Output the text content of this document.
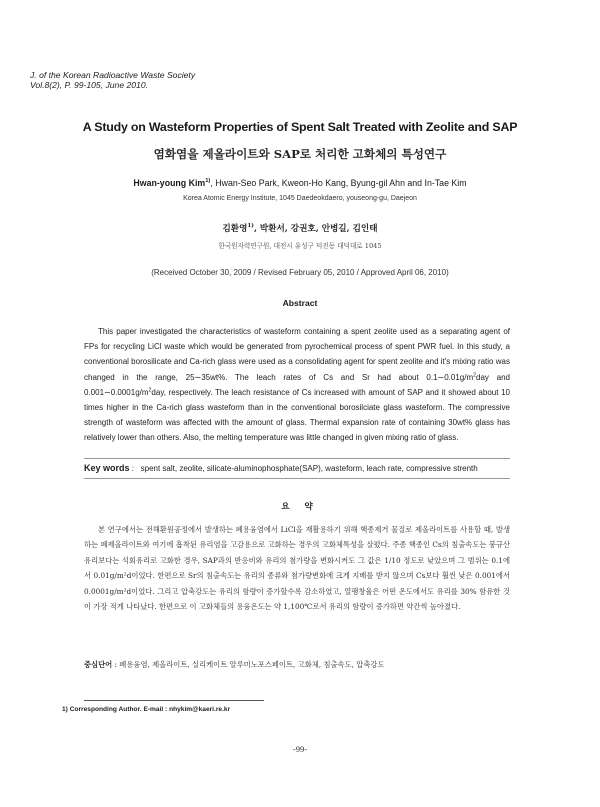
J. of the Korean Radioactive Waste Society
Vol.8(2), P. 99-105, June 2010.
A Study on Wasteform Properties of Spent Salt Treated with Zeolite and SAP
염화염을 제올라이트와 SAP로 처리한 고화체의 특성연구
Hwan-young Kim$^{1)}$, Hwan-Seo Park, Kweon-Ho Kang, Byung-gil Ahn and In-Tae Kim
Korea Atomic Energy Institute, 1045 Daedeokdaero, youseong-gu, Daejeon
김환영$^{1)}$, 박환서, 강권호, 안병길, 김인태
한국원자력연구원, 대전시 유성구 덕진동 대덕대로 1045
(Received October 30, 2009 / Revised February 05, 2010 / Approved April 06, 2010)
Abstract

This paper investigated the characteristics of wasteform containing a spent zeolite used as a separating agent of FPs for recycling LiCl waste which would be generated from pyrochemical process of spent PWR fuel. In this study, a conventional borosilicate and Ca-rich glass were used as a consolidating agent for spent zeolite and it's mixing ratio was changed in the range, 25∼35wt%. The leach rates of Cs and Sr had about $0.1\sim 0.01g/m^2day$ and $0.001\sim 0.0001g/m^2day$, respectively. The leach resistance of Cs increased with amount of SAP and it showed about 10 times higher in the Ca-rich glass wasteform than in the conventional borosilciate glass wasteform. The compressive strength of wasteform was affected with the amount of glass. Thermal expansion rate of containing 30wt% glass has relatively lower than others. Also, the melting temperature was little changed in given mixing ratio of glass.

Key words :   spent salt, zeolite, silicate-aluminophosphate(SAP), wasteform, leach rate, compressive strenth
요 약

본 연구에서는 전해환원공정에서 발생하는 폐용융염에서 LiCl을 재활용하기 위해 핵종제거 물질로 제올라이트를 사용할 때, 발생하는 폐제올라이트와 여기에 흡착된 유리염을 고감용으로 고화하는 경우의 고화체특성을 살폈다. 주종 핵종인 Cs의 침출속도는 붕규산유리보다는 석회유리로 고화한 경우, SAP과의 반응비와 유리의 첨가량을 변화시켜도 그 값은 1/10 정도로 낮았으며 그 범위는 0.1에서 0.01g/m²d이었다. 한편으로 Sr의 침출속도는 유리의 종류와 첨가량변화에 크게 지배를 받지 않으며 Cs보다 훨씬 낮은 0.001에서 0.0001g/m²d이었다. 그리고 압축강도는 유리의 함량이 증가할수록 감소하였고, 열팽창율은 어떤 온도에서도 유리를 30% 함유한 것이 가장 적게 나타났다. 한편으로 이 고화체들의 용융온도는 약 1,100℃로서 유리의 함량이 증가하면 약간씩 높아졌다.

중심단어 : 폐용융염, 제올라이트, 실리케이트 알루미노포스페이트, 고화체, 침출속도, 압축강도
1) Corresponding Author. E-mail : nhykim@kaeri.re.kr
-99-
